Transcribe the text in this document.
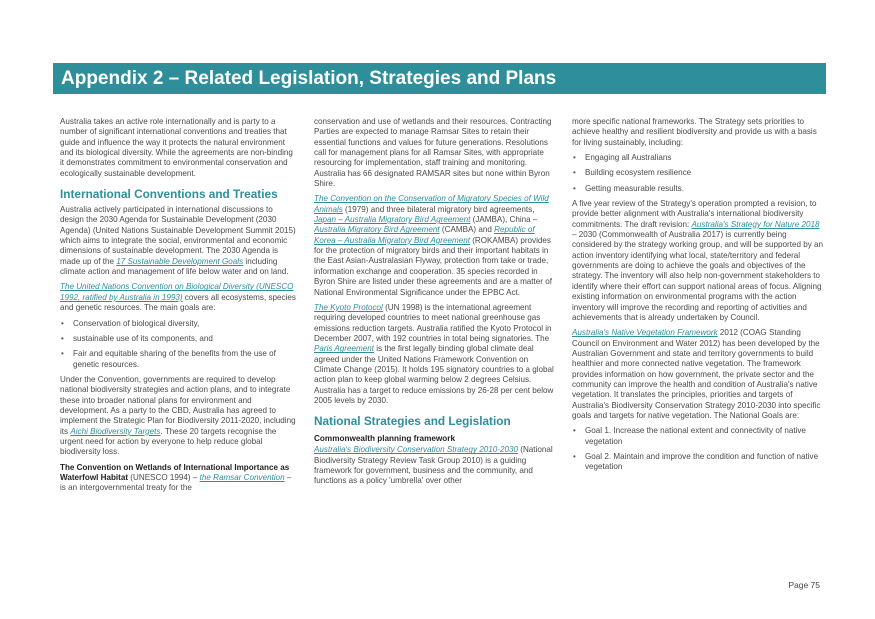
Appendix 2 – Related Legislation, Strategies and Plans

Australia takes an active role internationally and is party to a number of significant international conventions and treaties that guide and influence the way it protects the natural environment and its biological diversity. While the agreements are non-binding it demonstrates commitment to environmental conservation and ecologically sustainable development.

International Conventions and Treaties

Australia actively participated in international discussions to design the 2030 Agenda for Sustainable Development (2030 Agenda) (United Nations Sustainable Development Summit 2015) which aims to integrate the social, environmental and economic dimensions of sustainable development. The 2030 Agenda is made up of the 17 Sustainable Development Goals including climate action and management of life below water and on land.

The United Nations Convention on Biological Diversity (UNESCO 1992, ratified by Australia in 1993) covers all ecosystems, species and genetic resources. The main goals are:

• Conservation of biological diversity,
• sustainable use of its components, and
• Fair and equitable sharing of the benefits from the use of genetic resources.

Under the Convention, governments are required to develop national biodiversity strategies and action plans, and to integrate these into broader national plans for environment and development. As a party to the CBD, Australia has agreed to implement the Strategic Plan for Biodiversity 2011-2020, including its Aichi Biodiversity Targets. These 20 targets recognise the urgent need for action by everyone to help reduce global biodiversity loss.

The Convention on Wetlands of International Importance as Waterfowl Habitat (UNESCO 1994) – the Ramsar Convention – is an intergovernmental treaty for the

conservation and use of wetlands and their resources. Contracting Parties are expected to manage Ramsar Sites to retain their essential functions and values for future generations. Resolutions call for management plans for all Ramsar Sites, with appropriate resourcing for implementation, staff training and monitoring. Australia has 66 designated RAMSAR sites but none within Byron Shire.

The Convention on the Conservation of Migratory Species of Wild Animals (1979) and three bilateral migratory bird agreements, Japan – Australia Migratory Bird Agreement (JAMBA), China – Australia Migratory Bird Agreement (CAMBA) and Republic of Korea – Australia Migratory Bird Agreement (ROKAMBA) provides for the protection of migratory birds and their important habitats in the East Asian-Australasian Flyway, protection from take or trade, information exchange and cooperation. 35 species recorded in Byron Shire are listed under these agreements and are a matter of National Environmental Significance under the EPBC Act.

The Kyoto Protocol (UN 1998) is the international agreement requiring developed countries to meet national greenhouse gas emissions reduction targets. Australia ratified the Kyoto Protocol in December 2007, with 192 countries in total being signatories. The Paris Agreement is the first legally binding global climate deal agreed under the United Nations Framework Convention on Climate Change (2015). It holds 195 signatory countries to a global action plan to keep global warming below 2 degrees Celsius. Australia has a target to reduce emissions by 26-28 per cent below 2005 levels by 2030.

National Strategies and Legislation
Commonwealth planning framework

Australia's Biodiversity Conservation Strategy 2010-2030 (National Biodiversity Strategy Review Task Group 2010) is a guiding framework for government, business and the community, and functions as a policy 'umbrella' over other

more specific national frameworks. The Strategy sets priorities to achieve healthy and resilient biodiversity and provide us with a basis for living sustainably, including:

• Engaging all Australians
• Building ecosystem resilience
• Getting measurable results.

A five year review of the Strategy's operation prompted a revision, to provide better alignment with Australia's international biodiversity commitments. The draft revision: Australia's Strategy for Nature 2018 – 2030 (Commonwealth of Australia 2017) is currently being considered by the strategy working group, and will be supported by an action inventory identifying what local, state/territory and federal governments are doing to achieve the goals and objectives of the strategy. The inventory will also help non-government stakeholders to identify where their effort can support national areas of focus. Aligning existing information on environmental programs with the action inventory will improve the recording and reporting of activities and achievements that is already undertaken by Council.

Australia's Native Vegetation Framework 2012 (COAG Standing Council on Environment and Water 2012) has been developed by the Australian Government and state and territory governments to build healthier and more connected native vegetation. The framework provides information on how government, the private sector and the community can improve the health and condition of Australia's native vegetation. It translates the principles, priorities and targets of Australia's Biodiversity Conservation Strategy 2010-2030 into specific goals and targets for native vegetation. The National Goals are:

• Goal 1. Increase the national extent and connectivity of native vegetation
• Goal 2. Maintain and improve the condition and function of native vegetation
Page 75
